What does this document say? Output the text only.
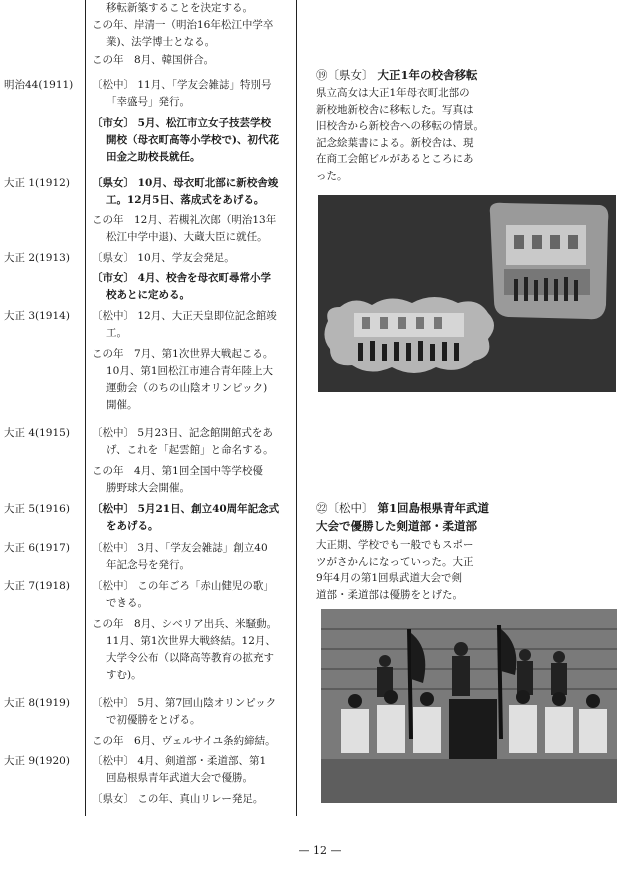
移転新築することを決定する。
この年、岸清一（明治16年松江中学卒
業)、法学博士となる。
この年　8月、韓国併合。
明治44(1911) 〔松中〕 11月、「学友会雑誌」特別号
「幸盛号」発行。
〔市女〕 5月、松江市立女子技芸学校
開校（母衣町高等小学校で)、初代花
田金之助校長就任。
大正 1(1912) 〔県女〕 10月、母衣町北部に新校舎竣
工。12月5日、落成式をあげる。
この年　12月、若槻礼次郎（明治13年
松江中学中退)、大蔵大臣に就任。
大正 2(1913) 〔県女〕 10月、学友会発足。
〔市女〕 4月、校舎を母衣町尋常小学
校あとに定める。
大正 3(1914) 〔松中〕 12月、大正天皇即位記念館竣
工。
この年　7月、第1次世界大戦起こる。
10月、第1回松江市連合青年陸上大
運動会（のちの山陰オリンピック)
開催。
大正 4(1915) 〔松中〕 5月23日、記念館開館式をあ
げ、これを「起雲館」と命名する。
この年　4月、第1回全国中等学校優
勝野球大会開催。
大正 5(1916) 〔松中〕 5月21日、創立40周年記念式
をあげる。
大正 6(1917) 〔松中〕 3月、「学友会雑誌」創立40
年記念号を発行。
大正 7(1918) 〔松中〕 この年ごろ「赤山健児の歌」
できる。
この年　8月、シベリア出兵、米騒動。
11月、第1次世界大戦終結。12月、
大学令公布（以降高等教育の拡充す
すむ)。
大正 8(1919) 〔松中〕 5月、第7回山陰オリンピック
で初優勝をとげる。
この年　6月、ヴェルサイユ条約締結。
大正 9(1920) 〔松中〕 4月、剣道部・柔道部、第1
回島根県青年武道大会で優勝。
〔県女〕 この年、真山リレー発足。
⑲〔県女〕 大正1年の校舎移転
県立高女は大正1年母衣町北部の
新校地新校舎に移転した。写真は
旧校舎から新校舎への移転の情景。
記念絵葉書による。新校舎は、現
在商工会館ビルがあるところにあ
った。
㉒〔松中〕 第1回島根県青年武道
大会で優勝した剣道部・柔道部
大正期、学校でも一般でもスポー
ツがさかんになっていった。大正
9年4月の第1回県武道大会で剣
道部・柔道部は優勝をとげた。
— 12 —
